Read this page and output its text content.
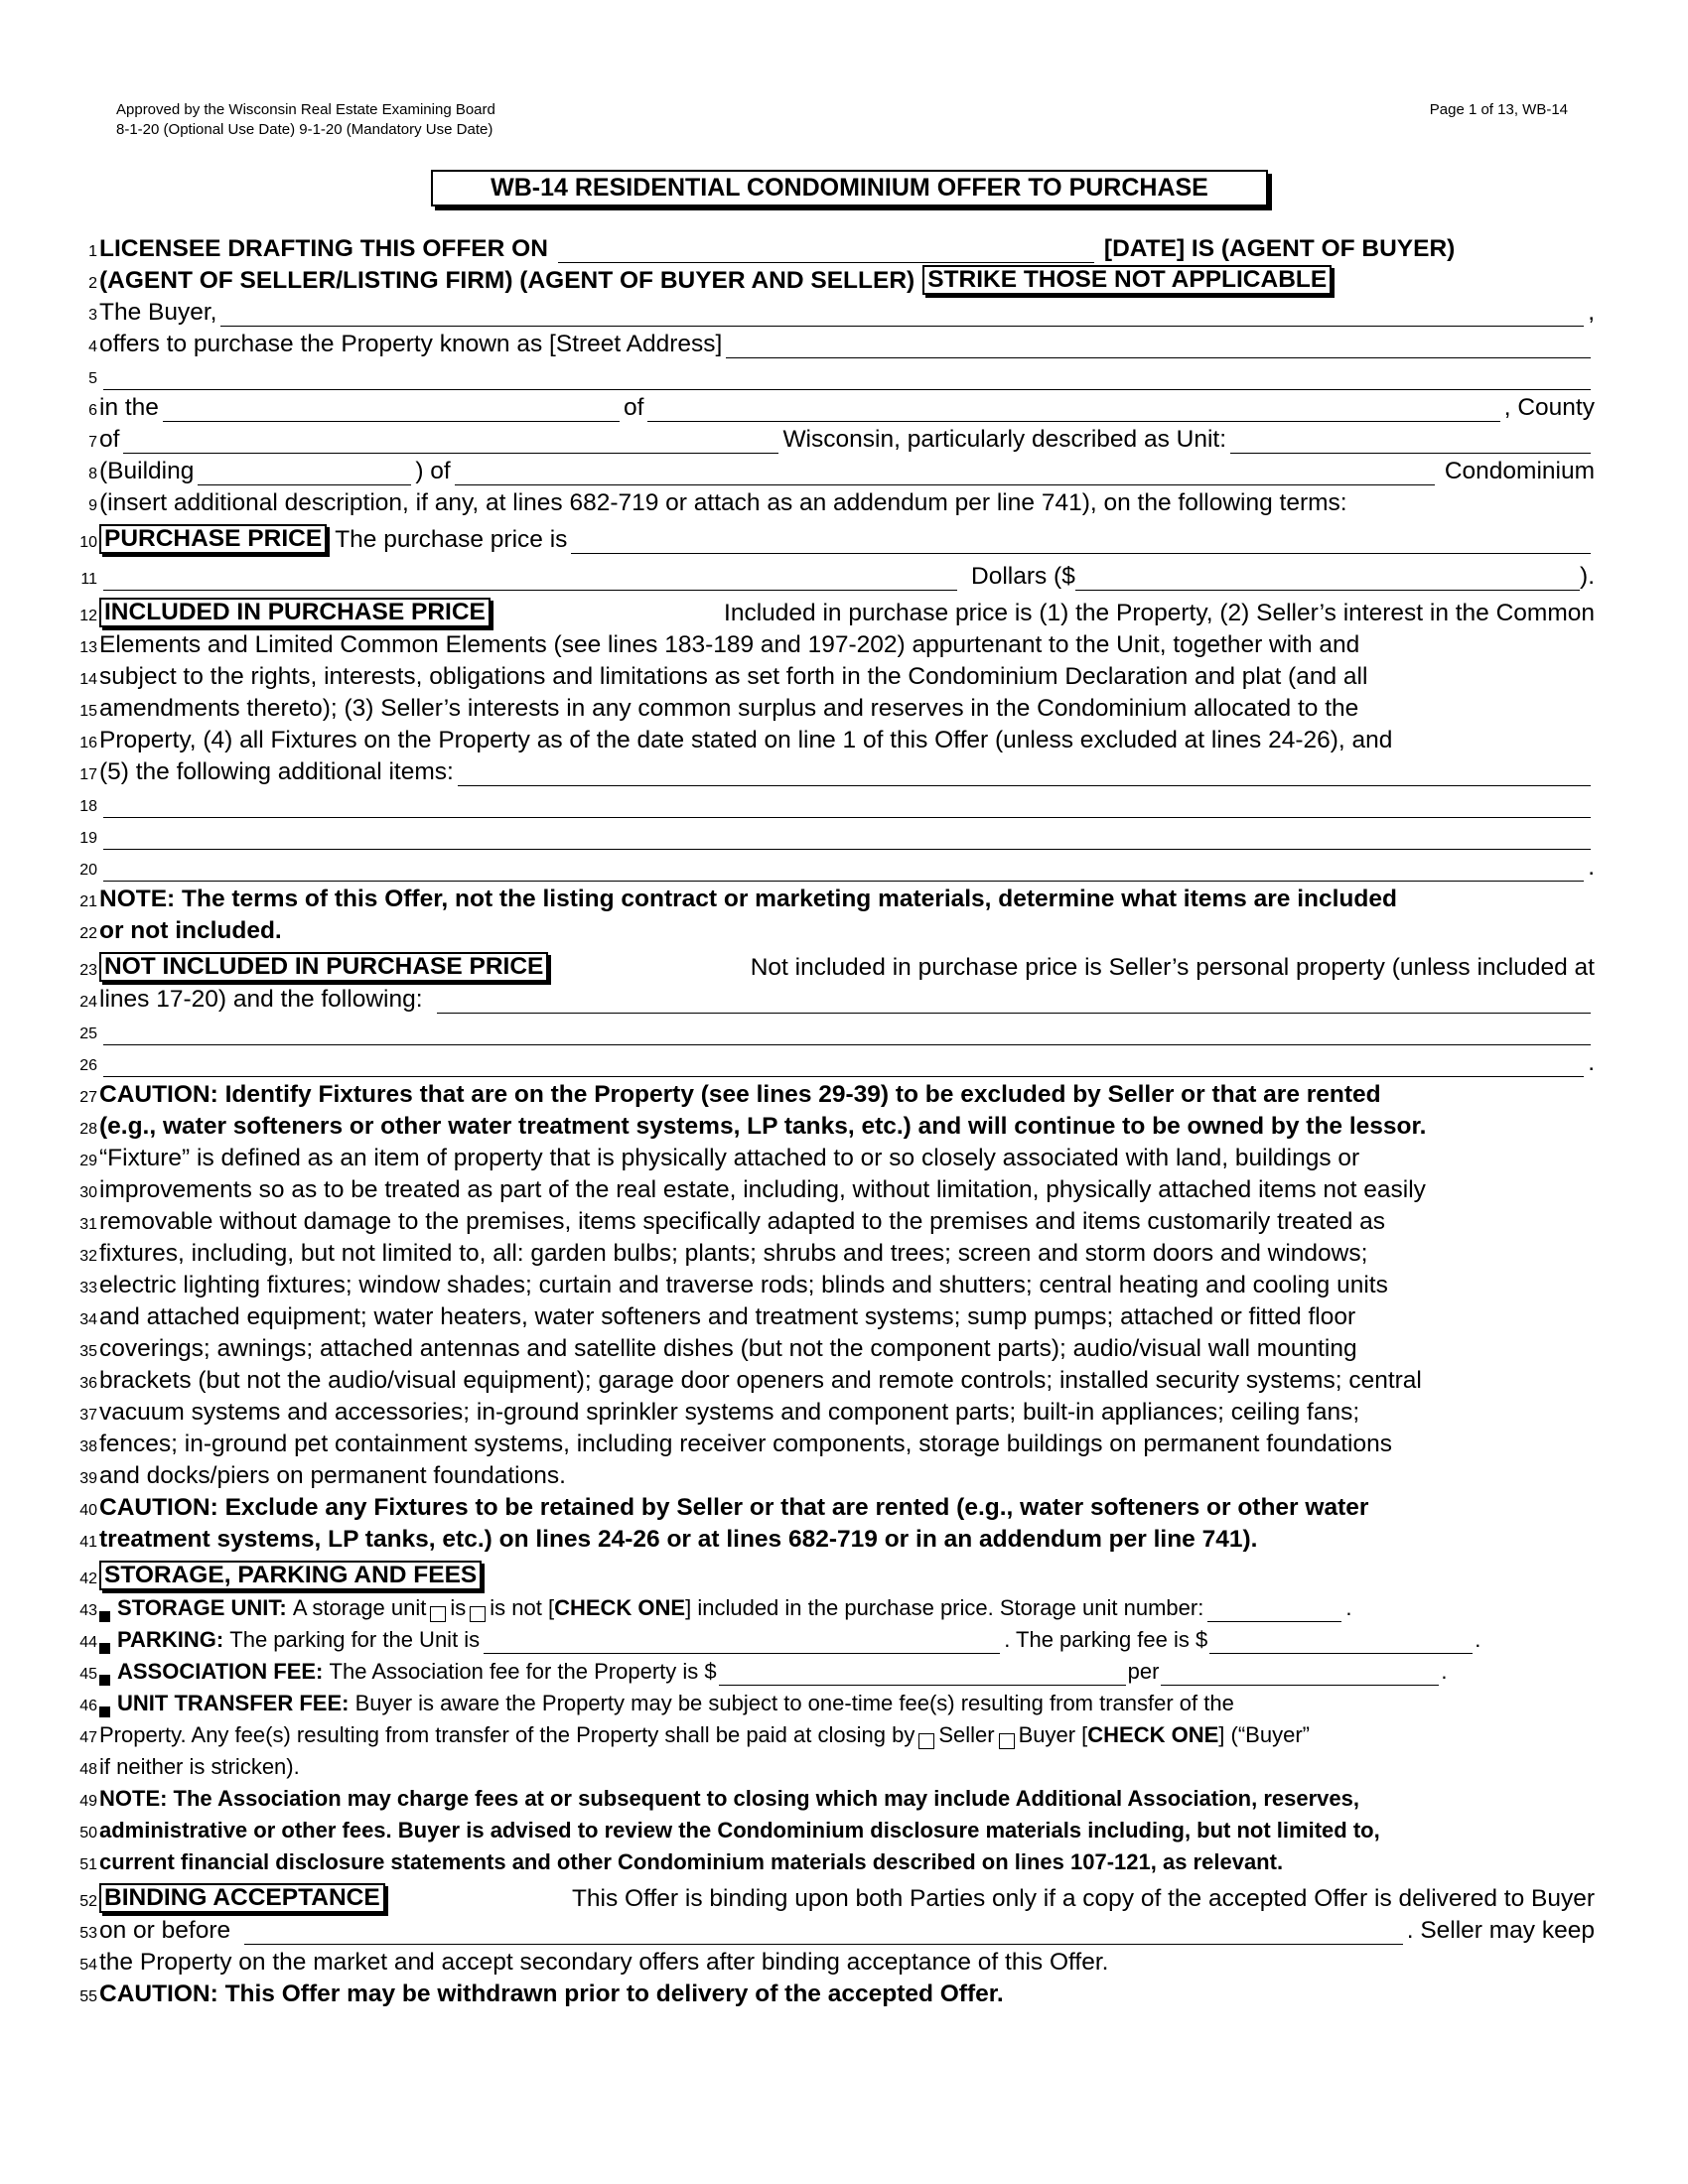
Approved by the Wisconsin Real Estate Examining Board
8-1-20 (Optional Use Date) 9-1-20 (Mandatory Use Date)
Page 1 of 13, WB-14
WB-14 RESIDENTIAL CONDOMINIUM OFFER TO PURCHASE
1 LICENSEE DRAFTING THIS OFFER ON	[DATE] IS (AGENT OF BUYER)
2 (AGENT OF SELLER/LISTING FIRM) (AGENT OF BUYER AND SELLER) STRIKE THOSE NOT APPLICABLE
3 The Buyer,	,
4 offers to purchase the Property known as [Street Address]
5
6 in the	of	, County
7 of	Wisconsin, particularly described as Unit:
8 (Building	) of	Condominium
9 (insert additional description, if any, at lines 682-719 or attach as an addendum per line 741), on the following terms:
10 PURCHASE PRICE The purchase price is
11	Dollars ($	).
12 INCLUDED IN PURCHASE PRICE	Included in purchase price is (1) the Property, (2) Seller’s interest in the Common
13 Elements and Limited Common Elements (see lines 183-189 and 197-202) appurtenant to the Unit, together with and
14 subject to the rights, interests, obligations and limitations as set forth in the Condominium Declaration and plat (and all
15 amendments thereto); (3) Seller’s interests in any common surplus and reserves in the Condominium allocated to the
16 Property, (4) all Fixtures on the Property as of the date stated on line 1 of this Offer (unless excluded at lines 24-26), and
17 (5) the following additional items:
18
19
20	.
21 NOTE: The terms of this Offer, not the listing contract or marketing materials, determine what items are included
22 or not included.
23 NOT INCLUDED IN PURCHASE PRICE	Not included in purchase price is Seller’s personal property (unless included at
24 lines 17-20) and the following:
25
26	.
27 CAUTION: Identify Fixtures that are on the Property (see lines 29-39) to be excluded by Seller or that are rented
28 (e.g., water softeners or other water treatment systems, LP tanks, etc.) and will continue to be owned by the lessor.
29 “Fixture” is defined as an item of property that is physically attached to or so closely associated with land, buildings or
30 improvements so as to be treated as part of the real estate, including, without limitation, physically attached items not easily
31 removable without damage to the premises, items specifically adapted to the premises and items customarily treated as
32 fixtures, including, but not limited to, all: garden bulbs; plants; shrubs and trees; screen and storm doors and windows;
33 electric lighting fixtures; window shades; curtain and traverse rods; blinds and shutters; central heating and cooling units
34 and attached equipment; water heaters, water softeners and treatment systems; sump pumps; attached or fitted floor
35 coverings; awnings; attached antennas and satellite dishes (but not the component parts); audio/visual wall mounting
36 brackets (but not the audio/visual equipment); garage door openers and remote controls; installed security systems; central
37 vacuum systems and accessories; in-ground sprinkler systems and component parts; built-in appliances; ceiling fans;
38 fences; in-ground pet containment systems, including receiver components, storage buildings on permanent foundations
39 and docks/piers on permanent foundations.
40 CAUTION: Exclude any Fixtures to be retained by Seller or that are rented (e.g., water softeners or other water
41 treatment systems, LP tanks, etc.) on lines 24-26 or at lines 682-719 or in an addendum per line 741).
42 STORAGE, PARKING AND FEES
43 STORAGE UNIT:
A storage unit is is not [ CHECK ONE ] included in the purchase price. Storage unit number:	.
44 PARKING:
The parking for the Unit is	. The parking fee is $	.
45 ASSOCIATION FEE:
The Association fee for the Property is $	per	.
46 UNIT TRANSFER FEE:
Buyer is aware the Property may be subject to one-time fee(s) resulting from transfer of the
47 Property. Any fee(s) resulting from transfer of the Property shall be paid at closing by Seller Buyer [ CHECK ONE ] (“Buyer”
48 if neither is stricken).
49 NOTE: The Association may charge fees at or subsequent to closing which may include Additional Association, reserves,
50 administrative or other fees. Buyer is advised to review the Condominium disclosure materials including, but not limited to,
51 current financial disclosure statements and other Condominium materials described on lines 107-121, as relevant.
52 BINDING ACCEPTANCE	This Offer is binding upon both Parties only if a copy of the accepted Offer is delivered to Buyer
53 on or before	. Seller may keep
54 the Property on the market and accept secondary offers after binding acceptance of this Offer.
55 CAUTION: This Offer may be withdrawn prior to delivery of the accepted Offer.
